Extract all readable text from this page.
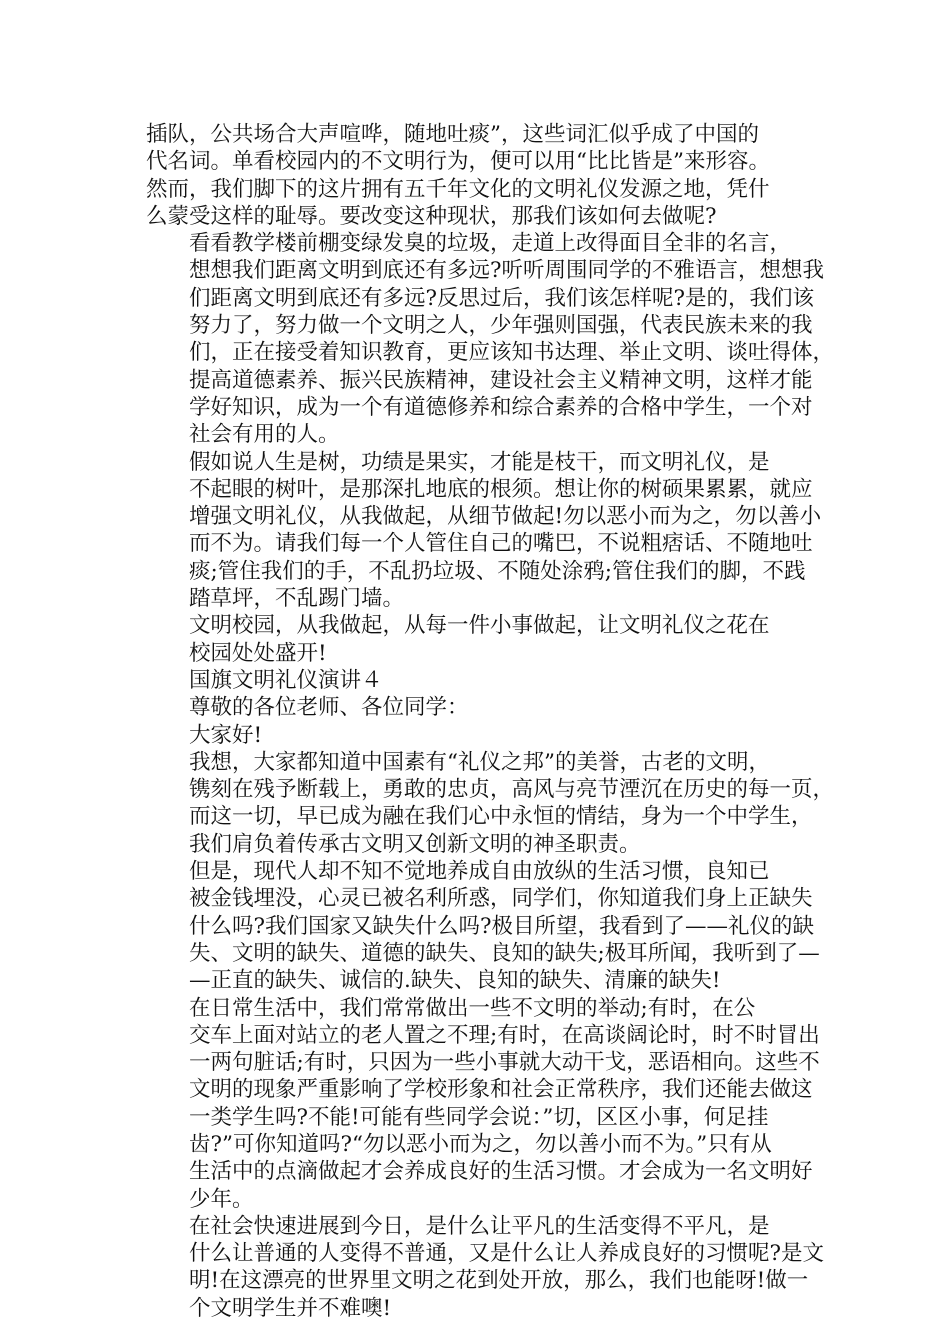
插队，公共场合大声喧哗，随地吐痰”，这些词汇似乎成了中国的
代名词。单看校园内的不文明行为，便可以用“比比皆是”来形容。
然而，我们脚下的这片拥有五千年文化的文明礼仪发源之地，凭什
么蒙受这样的耻辱。要改变这种现状，那我们该如何去做呢?

看看教学楼前棚变绿发臭的垃圾，走道上改得面目全非的名言，
想想我们距离文明到底还有多远?听听周围同学的不雅语言，想想我
们距离文明到底还有多远?反思过后，我们该怎样呢?是的，我们该
努力了，努力做一个文明之人，少年强则国强，代表民族未来的我
们，正在接受着知识教育，更应该知书达理、举止文明、谈吐得体，
提高道德素养、振兴民族精神，建设社会主义精神文明，这样才能
学好知识，成为一个有道德修养和综合素养的合格中学生，一个对
社会有用的人。

假如说人生是树，功绩是果实，才能是枝干，而文明礼仪，是
不起眼的树叶，是那深扎地底的根须。想让你的树硕果累累，就应
增强文明礼仪，从我做起，从细节做起!勿以恶小而为之，勿以善小
而不为。请我们每一个人管住自己的嘴巴，不说粗痞话、不随地吐
痰;管住我们的手，不乱扔垃圾、不随处涂鸦;管住我们的脚，不践
踏草坪，不乱踢门墙。

文明校园，从我做起，从每一件小事做起，让文明礼仪之花在
校园处处盛开!

国旗文明礼仪演讲４

尊敬的各位老师、各位同学：

大家好!

我想，大家都知道中国素有“礼仪之邦”的美誉，古老的文明，
镌刻在残予断载上，勇敢的忠贞，高风与亮节湮沉在历史的每一页，
而这一切，早已成为融在我们心中永恒的情结，身为一个中学生，
我们肩负着传承古文明又创新文明的神圣职责。

但是，现代人却不知不觉地养成自由放纵的生活习惯，良知已
被金钱埋没，心灵已被名利所惑，同学们，你知道我们身上正缺失
什么吗?我们国家又缺失什么吗?极目所望，我看到了——礼仪的缺
失、文明的缺失、道德的缺失、良知的缺失;极耳所闻，我听到了—
—正直的缺失、诚信的.缺失、良知的缺失、清廉的缺失!

在日常生活中，我们常常做出一些不文明的举动;有时，在公
交车上面对站立的老人置之不理;有时，在高谈阔论时，时不时冒出
一两句脏话;有时，只因为一些小事就大动干戈，恶语相向。这些不
文明的现象严重影响了学校形象和社会正常秩序，我们还能去做这
一类学生吗?不能!可能有些同学会说：”切，区区小事，何足挂
齿?”可你知道吗?“勿以恶小而为之，勿以善小而不为。”只有从
生活中的点滴做起才会养成良好的生活习惯。才会成为一名文明好
少年。

在社会快速进展到今日，是什么让平凡的生活变得不平凡，是
什么让普通的人变得不普通，又是什么让人养成良好的习惯呢?是文
明!在这漂亮的世界里文明之花到处开放，那么，我们也能呀!做一
个文明学生并不难噢!
